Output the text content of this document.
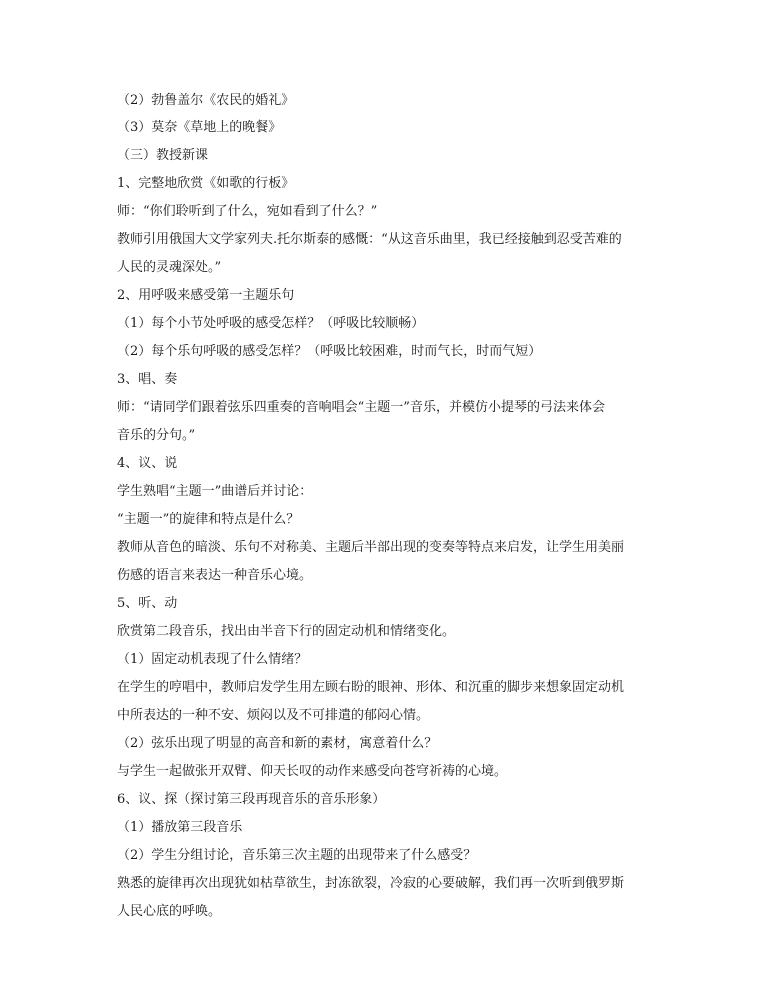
（2）勃鲁盖尔《农民的婚礼》
（3）莫奈《草地上的晚餐》
（三）教授新课
1、完整地欣赏《如歌的行板》
师：“你们聆听到了什么，宛如看到了什么？”
教师引用俄国大文学家列夫.托尔斯泰的感慨：“从这音乐曲里，我已经接触到忍受苦难的
人民的灵魂深处。”
2、用呼吸来感受第一主题乐句
（1）每个小节处呼吸的感受怎样？（呼吸比较顺畅）
（2）每个乐句呼吸的感受怎样？（呼吸比较困难，时而气长，时而气短）
3、唱、奏
师：“请同学们跟着弦乐四重奏的音响唱会“主题一”音乐，并模仿小提琴的弓法来体会
音乐的分句。”
4、议、说
学生熟唱“主题一”曲谱后并讨论：
“主题一”的旋律和特点是什么？
教师从音色的暗淡、乐句不对称美、主题后半部出现的变奏等特点来启发，让学生用美丽
伤感的语言来表达一种音乐心境。
5、听、动
欣赏第二段音乐，找出由半音下行的固定动机和情绪变化。
（1）固定动机表现了什么情绪？
在学生的哼唱中，教师启发学生用左顾右盼的眼神、形体、和沉重的脚步来想象固定动机
中所表达的一种不安、烦闷以及不可排遣的郁闷心情。
（2）弦乐出现了明显的高音和新的素材，寓意着什么？
与学生一起做张开双臂、仰天长叹的动作来感受向苍穹祈祷的心境。
6、议、探（探讨第三段再现音乐的音乐形象）
（1）播放第三段音乐
（2）学生分组讨论，音乐第三次主题的出现带来了什么感受？
熟悉的旋律再次出现犹如枯草欲生，封冻欲裂，冷寂的心要破解，我们再一次听到俄罗斯
人民心底的呼唤。
